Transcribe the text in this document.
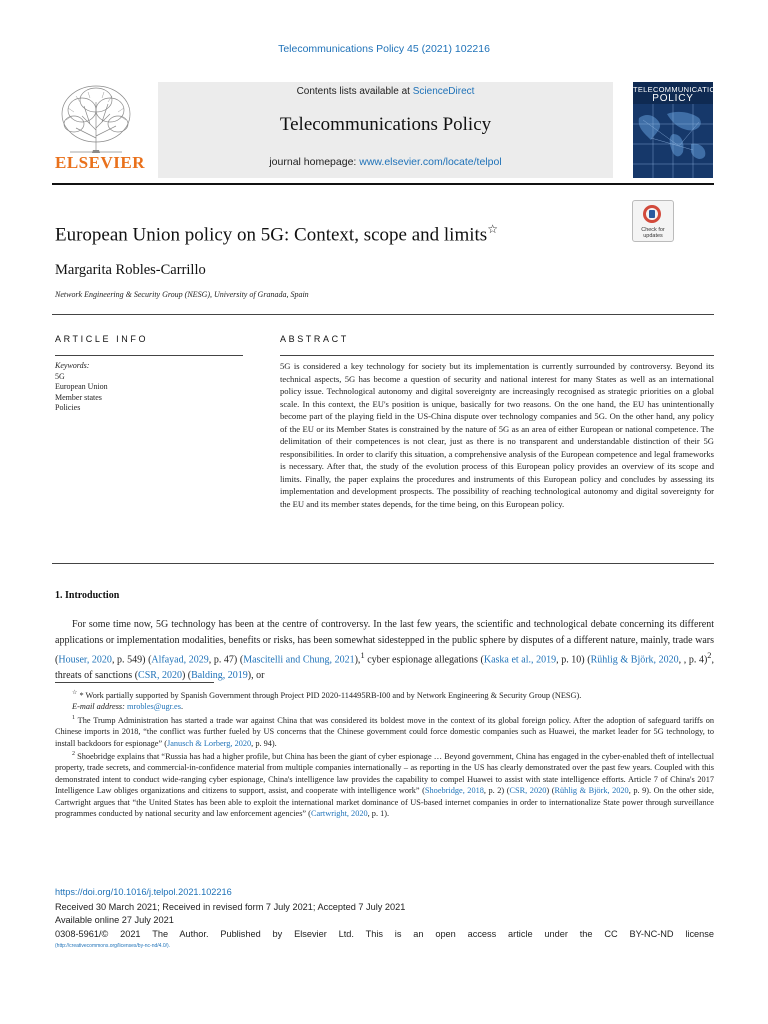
Telecommunications Policy 45 (2021) 102216
ELSEVIER
Contents lists available at ScienceDirect
Telecommunications Policy
journal homepage: www.elsevier.com/locate/telpol
TELECOMMUNICATIONS
POLICY
European Union policy on 5G: Context, scope and limits☆	Check for updates
Margarita Robles-Carrillo
Network Engineering & Security Group (NESG), University of Granada, Spain
ARTICLE INFO	ABSTRACT
Keywords:
5G
European Union
Member states
Policies
5G is considered a key technology for society but its implementation is currently surrounded by controversy. Beyond its technical aspects, 5G has become a question of security and national interest for many States as well as an international policy issue. Technological autonomy and digital sovereignty are increasingly recognised as strategic priorities on a global scale. In this context, the EU's position is unique, basically for two reasons. On the one hand, the EU has unintentionally become part of the playing field in the US-China dispute over technology companies and 5G. On the other hand, any policy of the EU or its Member States is constrained by the nature of 5G as an area of either European or national competence. The delimitation of their competences is not clear, just as there is no transparent and understandable distinction of their 5G responsibilities. In order to clarify this situation, a comprehensive analysis of the European competence and legal frameworks is necessary. After that, the study of the evolution process of this European policy provides an overview of its scope and limits. Finally, the paper explains the procedures and instruments of this European policy and concludes by assessing its implementation and development prospects. The possibility of reaching technological autonomy and digital sovereignty for the EU and its member states depends, for the time being, on this European policy.
1. Introduction
For some time now, 5G technology has been at the centre of controversy. In the last few years, the scientific and technological debate concerning its different applications or implementation modalities, benefits or risks, has been somewhat sidestepped in the public sphere by disputes of a different nature, mainly, trade wars (Houser, 2020, p. 549) (Alfayad, 2029, p. 47) (Mascitelli and Chung, 2021),$^1$ cyber espionage allegations (Kaska et al., 2019, p. 10) (Rühlig & Björk, 2020, , p. 4)$^2$, threats of sanctions (CSR, 2020) (Balding, 2019), or

☆ * Work partially supported by Spanish Government through Project PID 2020-114495RB-I00 and by Network Engineering & Security Group (NESG).

E-mail address: mrobles@ugr.es.

$^1$ The Trump Administration has started a trade war against China that was considered its boldest move in the context of its global foreign policy. After the adoption of safeguard tariffs on Chinese imports in 2018, “the conflict was further fueled by US concerns that the Chinese government could force domestic companies such as Huawei, the market leader for 5G technology, to install backdoors for espionage” (Janusch & Lorberg, 2020, p. 94).

$^2$ Shoebridge explains that “Russia has had a higher profile, but China has been the giant of cyber espionage … Beyond government, China has engaged in the cyber-enabled theft of intellectual property, trade secrets, and commercial-in-confidence material from multiple companies internationally – as reporting in the US has clearly demonstrated over the past few years. Coupled with this demonstrated intent to conduct wide-ranging cyber espionage, China's intelligence law provides the capability to compel Huawei to assist with state intelligence efforts. Article 7 of China's 2017 Intelligence Law obliges organizations and citizens to support, assist, and cooperate with intelligence work” (Shoebridge, 2018, p. 2) (CSR, 2020) (Rühlig & Björk, 2020, p. 9). On the other side, Cartwright argues that “the United States has been able to exploit the international market dominance of US-based internet companies in order to internationalize State power through surveillance programmes conducted by national security and law enforcement agencies” (Cartwright, 2020, p. 1).

https://doi.org/10.1016/j.telpol.2021.102216
Received 30 March 2021; Received in revised form 7 July 2021; Accepted 7 July 2021
Available online 27 July 2021
0308-5961/© 2021 The Author. Published by Elsevier Ltd. This is an open access article under the CC BY-NC-ND license
(http://creativecommons.org/licenses/by-nc-nd/4.0/).
